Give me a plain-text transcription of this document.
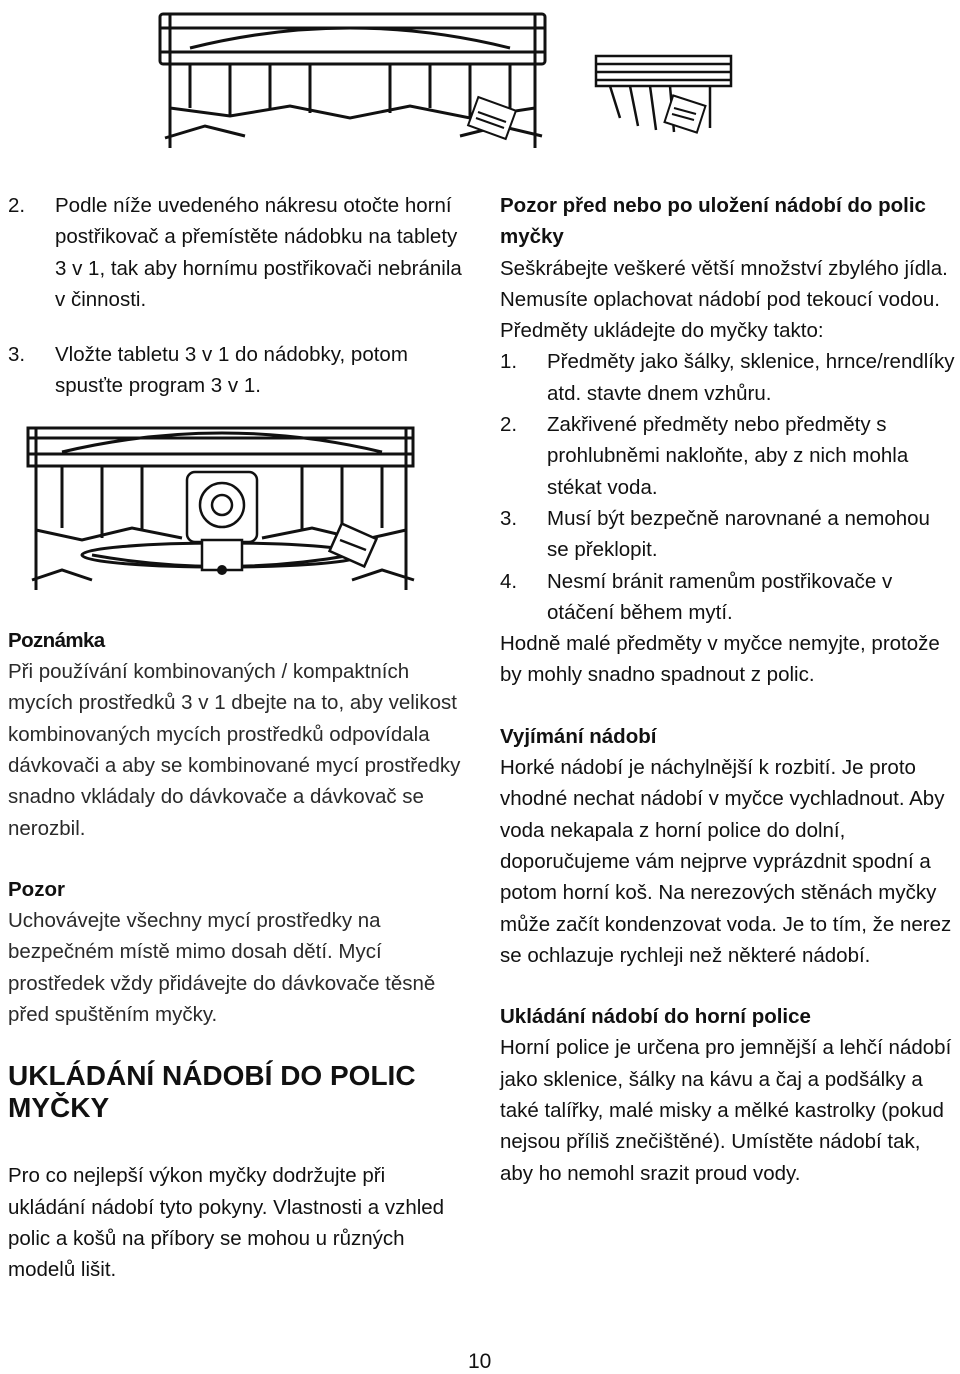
2.	Podle níže uvedeného nákresu otočte horní postřikovač a přemístěte nádobku na tablety 3 v 1, tak aby hornímu postřikovači nebránila v činnosti.
3.	Vložte tabletu 3 v 1 do nádobky, potom spusťte program 3 v 1.
Poznámka
Při používání kombinovaných / kompaktních mycích prostředků 3 v 1 dbejte na to, aby velikost kombinovaných mycích prostředků odpovídala dávkovači a aby se kombinované mycí prostředky snadno vkládaly do dávkovače a dávkovač se nerozbil.
Pozor
Uchovávejte všechny mycí prostředky na bezpečném místě mimo dosah dětí. Mycí prostředek vždy přidávejte do dávkovače těsně před spuštěním myčky.
UKLÁDÁNÍ NÁDOBÍ DO POLIC MYČKY
Pro co nejlepší výkon myčky dodržujte při ukládání nádobí tyto pokyny. Vlastnosti a vzhled polic a košů na příbory se mohou u různých modelů lišit.
Pozor před nebo po uložení nádobí do polic myčky
Seškrábejte veškeré větší množství zbylého jídla. Nemusíte oplachovat nádobí pod tekoucí vodou. Předměty ukládejte do myčky takto:
1.	Předměty jako šálky, sklenice, hrnce/rendlíky atd. stavte dnem vzhůru.
2.	Zakřivené předměty nebo předměty s prohlubněmi nakloňte, aby z nich mohla stékat voda.
3.	Musí být bezpečně narovnané a nemohou se překlopit.
4.	Nesmí bránit ramenům postřikovače v otáčení během mytí.
Hodně malé předměty v myčce nemyjte, protože by mohly snadno spadnout z polic.
Vyjímání nádobí
Horké nádobí je náchylnější k rozbití. Je proto vhodné nechat nádobí v myčce vychladnout. Aby voda nekapala z horní police do dolní, doporučujeme vám nejprve vyprázdnit spodní a potom horní koš. Na nerezových stěnách myčky může začít kondenzovat voda. Je to tím, že nerez se ochlazuje rychleji než některé nádobí.
Ukládání nádobí do horní police
Horní police je určena pro jemnější a lehčí nádobí jako sklenice, šálky na kávu a čaj a podšálky a také talířky, malé misky a mělké kastrolky (pokud nejsou příliš znečištěné). Umístěte nádobí tak, aby ho nemohl srazit proud vody.
10
